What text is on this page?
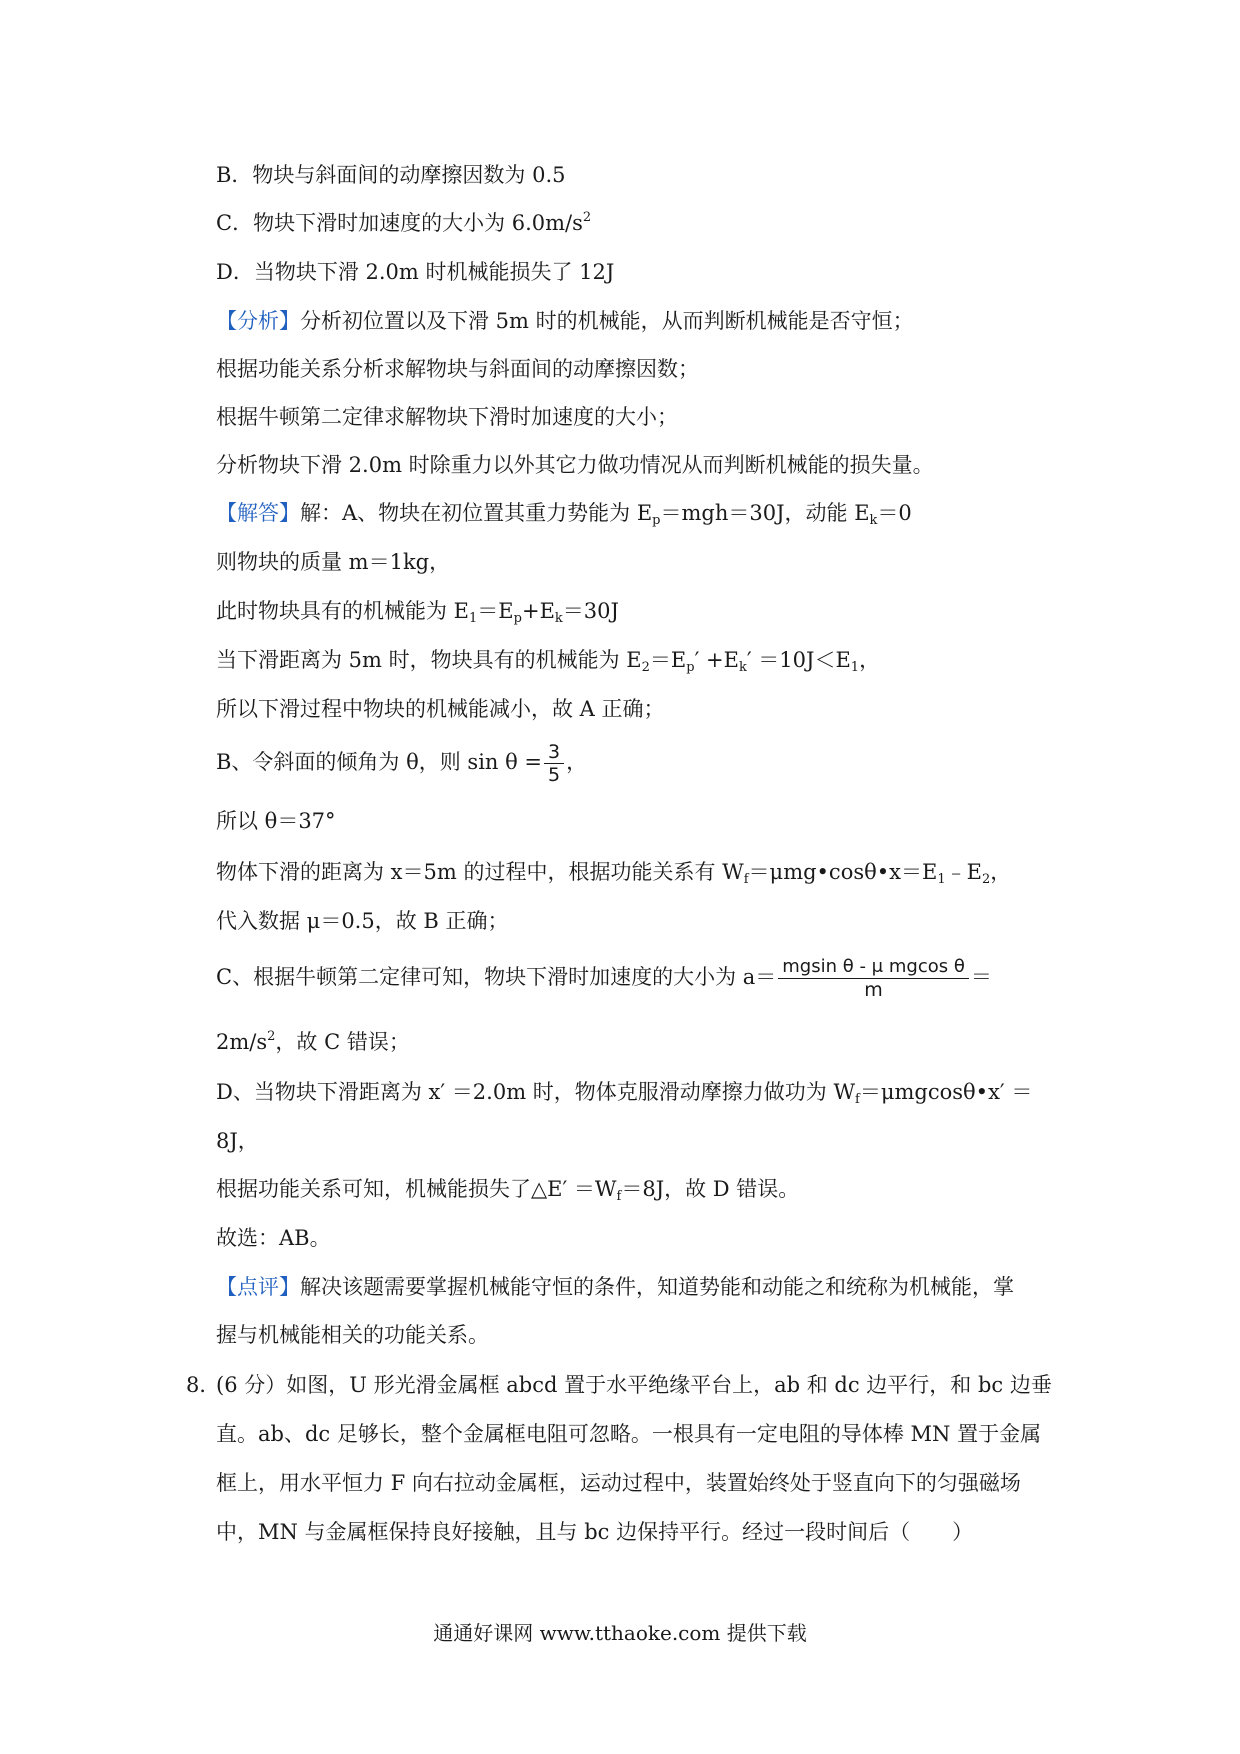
B．物块与斜面间的动摩擦因数为 0.5
C．物块下滑时加速度的大小为 $6.0m/s^2$
D．当物块下滑 2.0m 时机械能损失了 12J
【分析】分析初位置以及下滑 5m 时的机械能，从而判断机械能是否守恒；
根据功能关系分析求解物块与斜面间的动摩擦因数；
根据牛顿第二定律求解物块下滑时加速度的大小；
分析物块下滑 2.0m 时除重力以外其它力做功情况从而判断机械能的损失量。
【解答】解：A、物块在初位置其重力势能为 $E_p=mgh=30J$，动能 $E_k=0$
则物块的质量 m＝1kg，
此时物块具有的机械能为 $E_1=E_p+E_k=30J$
当下滑距离为 5m 时，物块具有的机械能为 $E_2=E_p' +E_k' =10J<E_1$，
所以下滑过程中物块的机械能减小，故 A 正确；
B、令斜面的倾角为 θ，则 $\sin \theta = \frac{3}{5}$ ，
所以 θ＝37°
物体下滑的距离为 x＝5m 的过程中，根据功能关系有 $W_f=\mu mg•\cos\theta•x=E_1﹣E_2$，
代入数据 μ＝0.5，故 B 正确；
C、根据牛顿第二定律可知，物块下滑时加速度的大小为 $a= \frac{\text{mgsin θ - μ mgcos θ}}{m}$ ＝
$2m/s^2$，故 C 错误；
D、当物块下滑距离为 x′ ＝2.0m 时，物体克服滑动摩擦力做功为 $W_f=\mu mgcos\theta•x'$ ＝
8J，
根据功能关系可知，机械能损失了△E′ $=W_f=8J$，故 D 错误。
故选：AB。
【点评】解决该题需要掌握机械能守恒的条件，知道势能和动能之和统称为机械能，掌
握与机械能相关的功能关系。
8．
(6 分）如图，U 形光滑金属框 abcd 置于水平绝缘平台上，ab 和 dc 边平行，和 bc 边垂
直。ab、dc 足够长，整个金属框电阻可忽略。一根具有一定电阻的导体棒 MN 置于金属
框上，用水平恒力 F 向右拉动金属框，运动过程中，装置始终处于竖直向下的匀强磁场
中，MN 与金属框保持良好接触，且与 bc 边保持平行。经过一段时间后（　　）
通通好课网 www.tthaoke.com 提供下载
